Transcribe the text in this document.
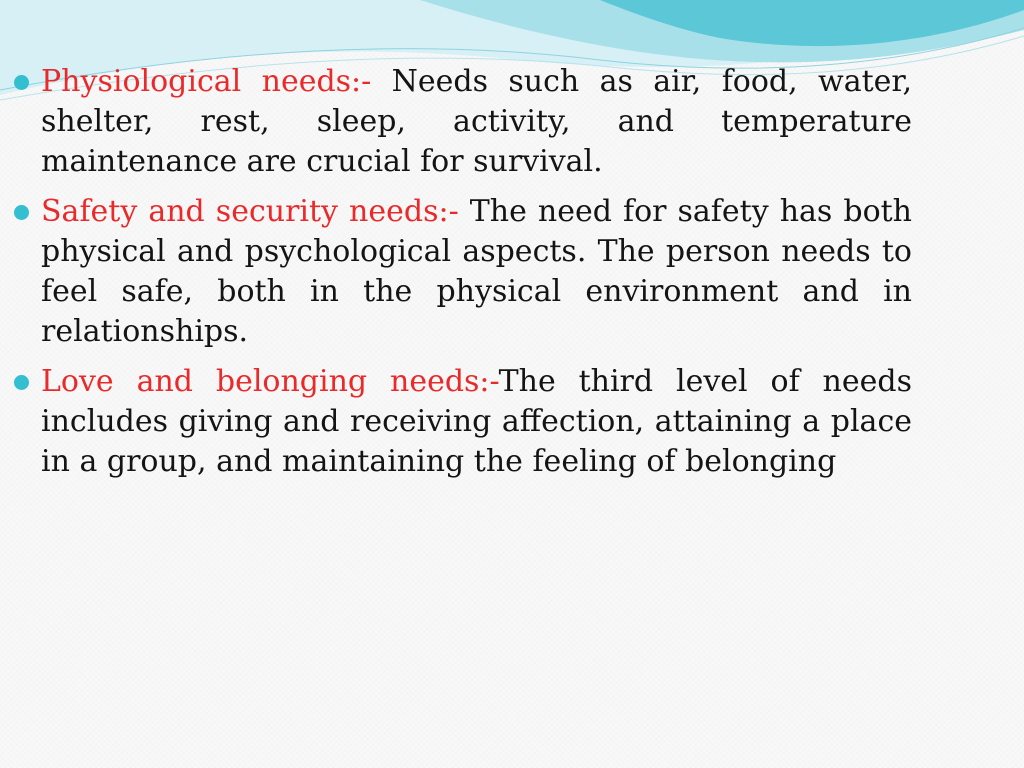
Physiological needs:- Needs such as air, food, water, shelter, rest, sleep, activity, and temperature maintenance are crucial for survival.
Safety and security needs:- The need for safety has both physical and psychological aspects. The person needs to feel safe, both in the physical environment and in relationships.
Love and belonging needs:-The third level of needs includes giving and receiving affection, attaining a place in a group, and maintaining the feeling of belonging
